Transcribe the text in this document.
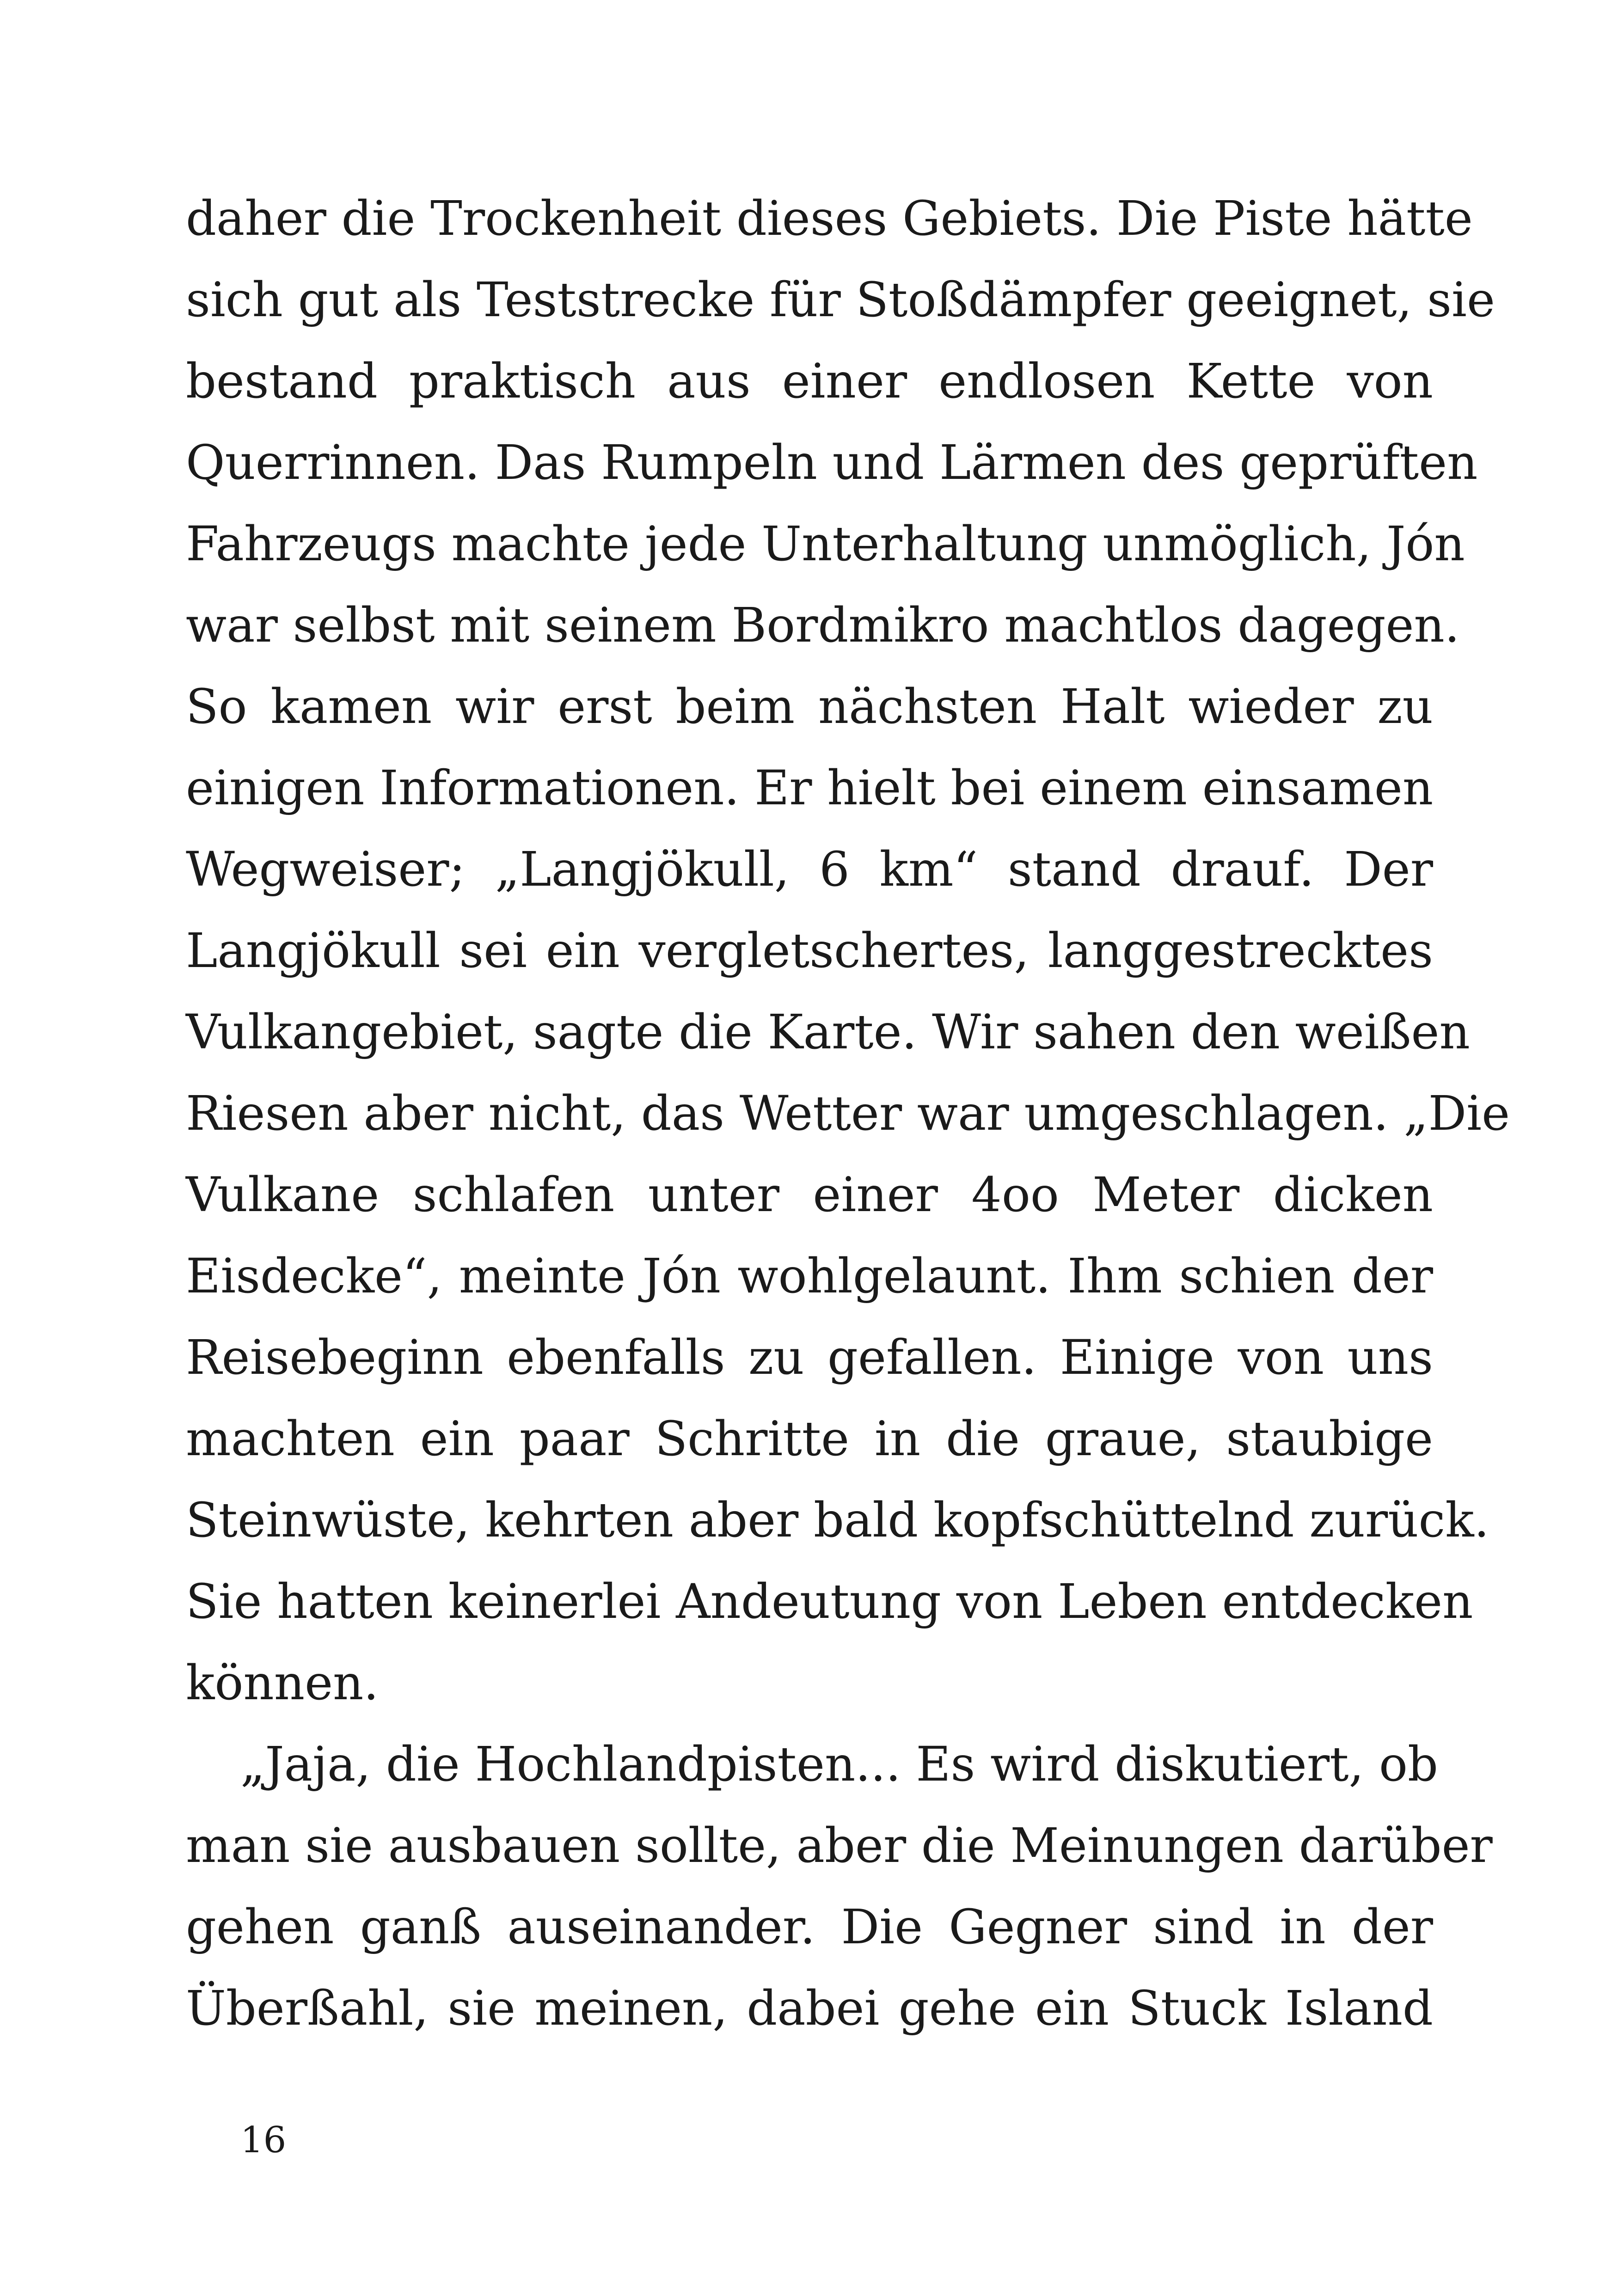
daher die Trockenheit dieses Gebiets. Die Piste hätte
sich gut als Teststrecke für Stoßdämpfer geeignet, sie
bestand praktisch aus einer endlosen Kette von
Querrinnen. Das Rumpeln und Lärmen des geprüften
Fahrzeugs machte jede Unterhaltung unmöglich, Jón
war selbst mit seinem Bordmikro machtlos dagegen.
So kamen wir erst beim nächsten Halt wieder zu
einigen Informationen. Er hielt bei einem einsamen
Wegweiser; „Langjökull, 6 km“ stand drauf. Der
Langjökull sei ein vergletschertes, langgestrecktes
Vulkangebiet, sagte die Karte. Wir sahen den weißen
Riesen aber nicht, das Wetter war umgeschlagen. „Die
Vulkane schlafen unter einer 4oo Meter dicken
Eisdecke“, meinte Jón wohlgelaunt. Ihm schien der
Reisebeginn ebenfalls zu gefallen. Einige von uns
machten ein paar Schritte in die graue, staubige
Steinwüste, kehrten aber bald kopfschüttelnd zurück.
Sie hatten keinerlei Andeutung von Leben entdecken
können.
„Jaja, die Hochlandpisten... Es wird diskutiert, ob
man sie ausbauen sollte, aber die Meinungen darüber
gehen ganß auseinander. Die Gegner sind in der
Überßahl, sie meinen, dabei gehe ein Stuck Island
16
